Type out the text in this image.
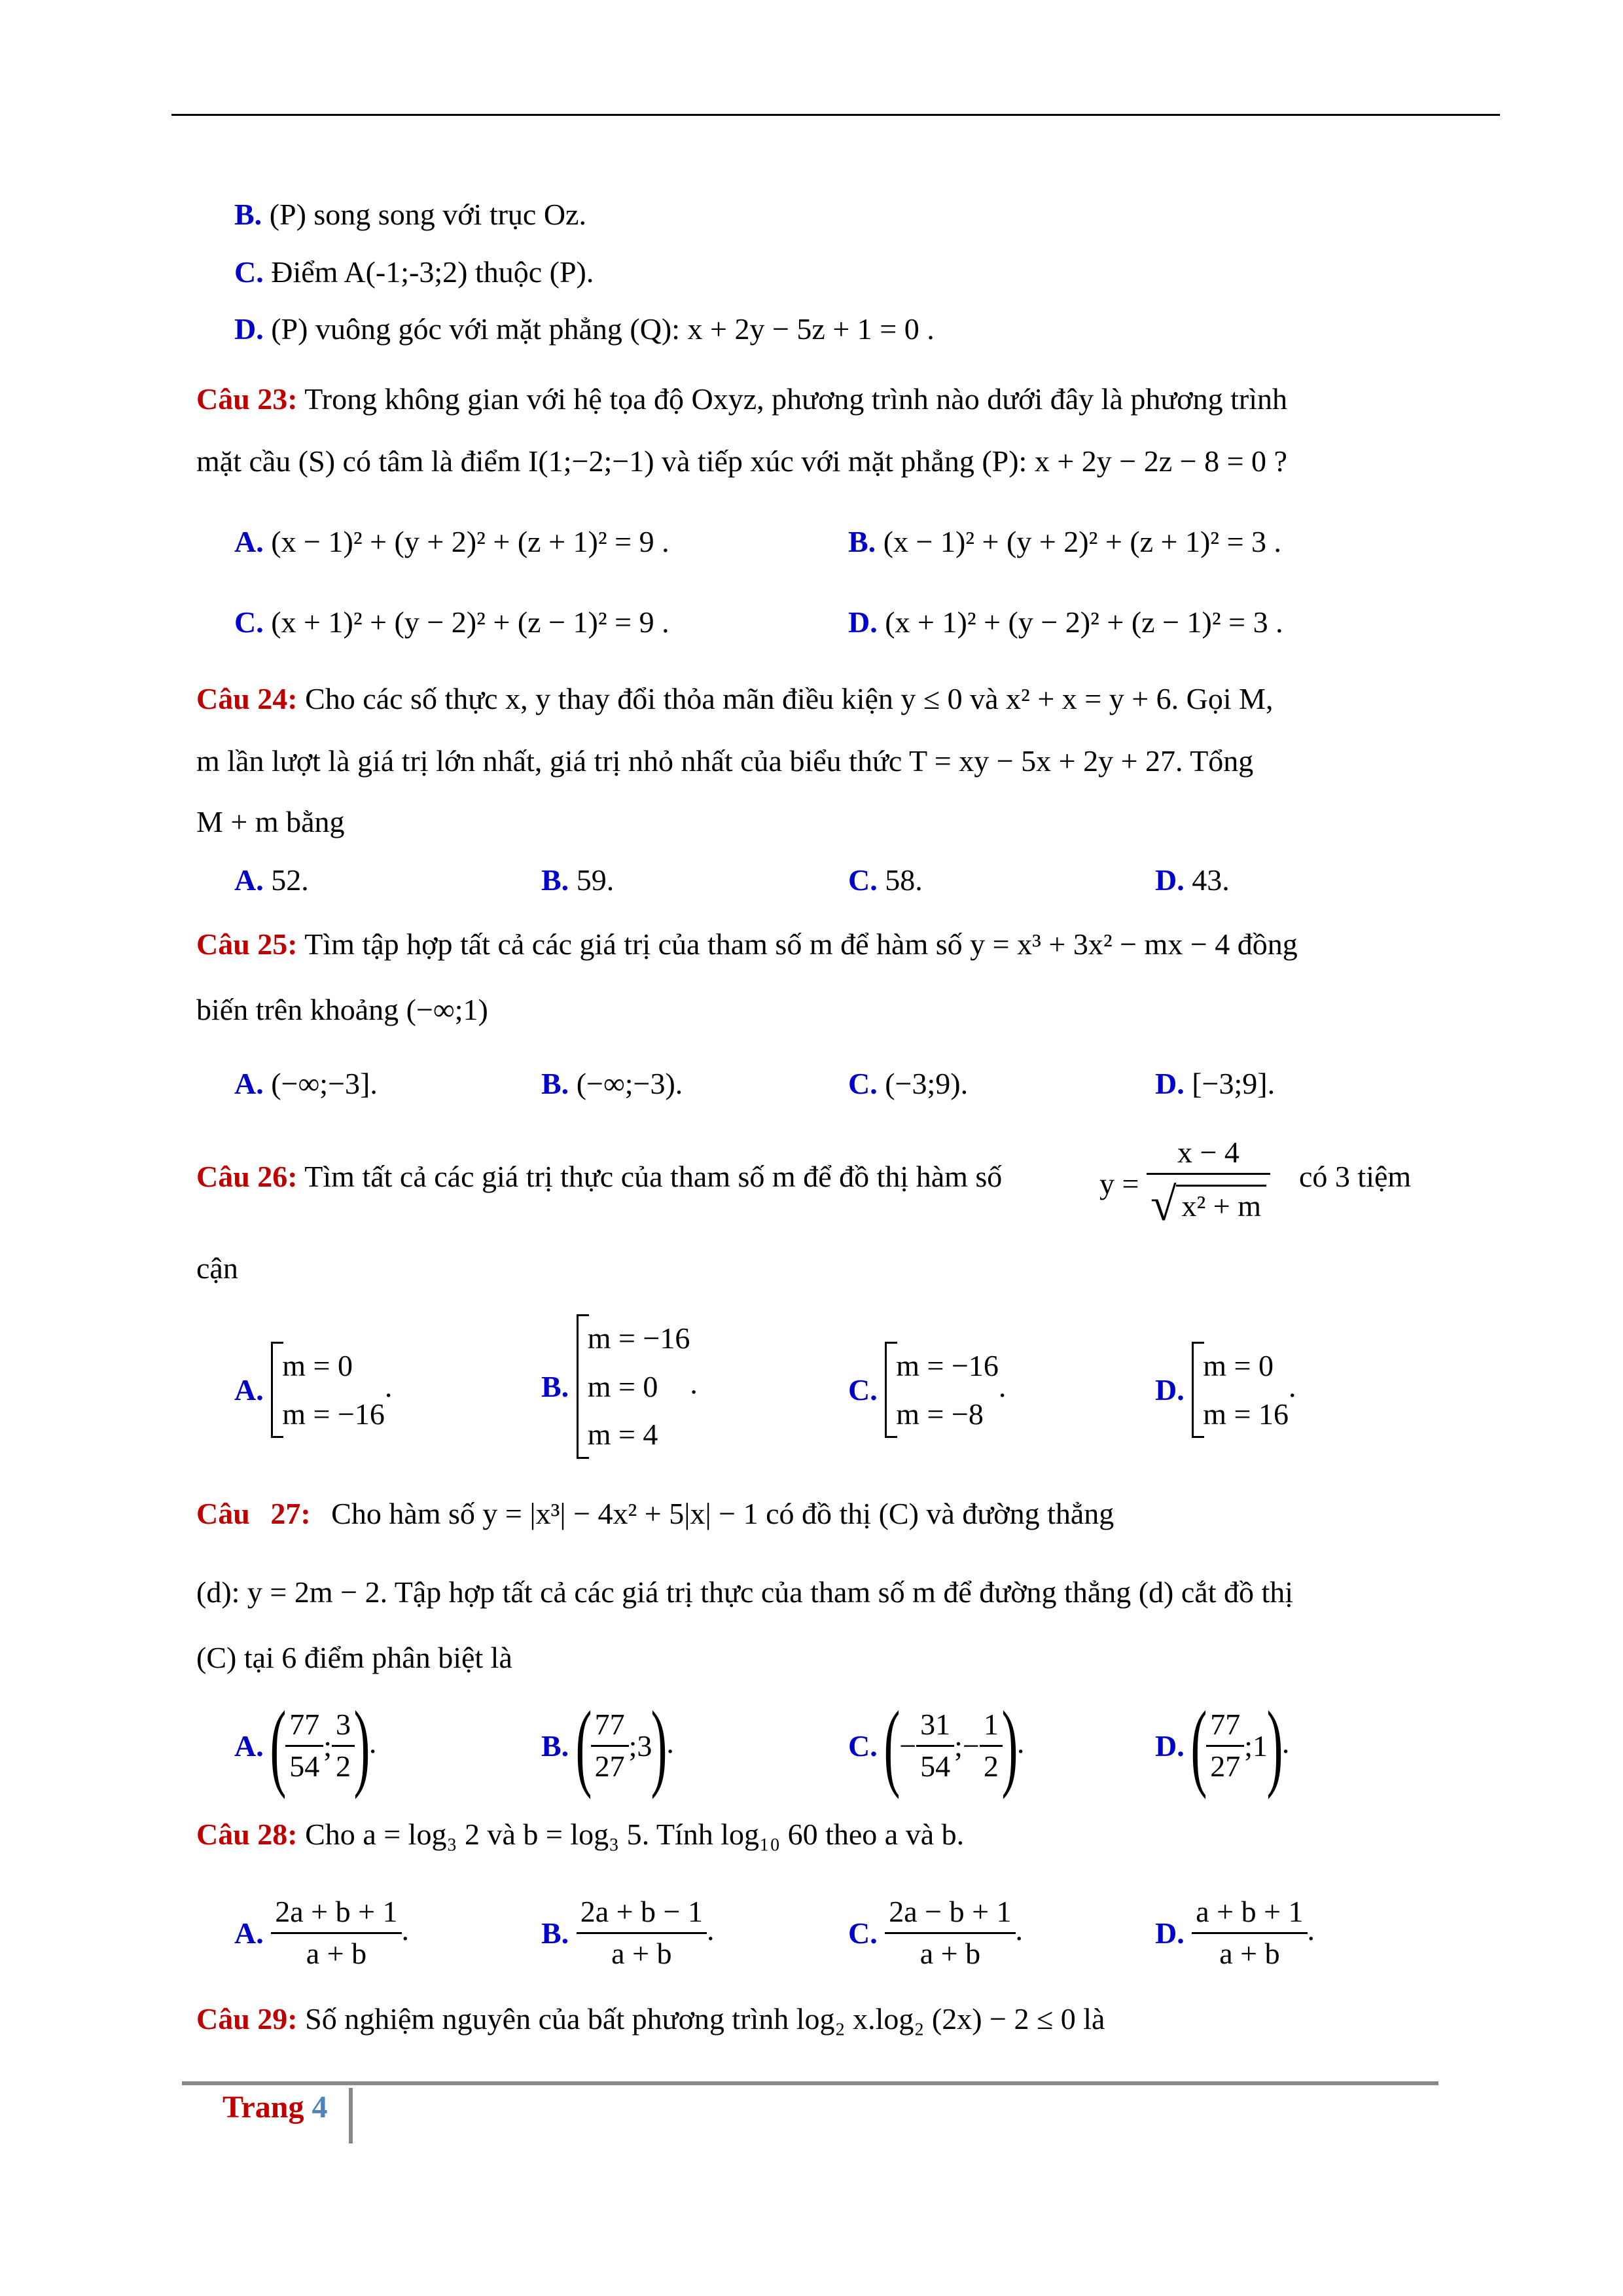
B. (P) song song với trục Oz.
C. Điểm A(-1;-3;2) thuộc (P).
D. (P) vuông góc với mặt phẳng (Q): x + 2y − 5z + 1 = 0 .
Câu 23: Trong không gian với hệ tọa độ Oxyz, phương trình nào dưới đây là phương trình
mặt cầu (S) có tâm là điểm I(1;−2;−1) và tiếp xúc với mặt phẳng (P): x + 2y − 2z − 8 = 0 ?
A. (x − 1)² + (y + 2)² + (z + 1)² = 9 .	B. (x − 1)² + (y + 2)² + (z + 1)² = 3 .
C. (x + 1)² + (y − 2)² + (z − 1)² = 9 .	D. (x + 1)² + (y − 2)² + (z − 1)² = 3 .
Câu 24: Cho các số thực x, y thay đổi thỏa mãn điều kiện y ≤ 0 và x² + x = y + 6. Gọi M,
m lần lượt là giá trị lớn nhất, giá trị nhỏ nhất của biểu thức T = xy − 5x + 2y + 27. Tổng
M + m bằng
A. 52.	B. 59.	C. 58.	D. 43.
Câu 25: Tìm tập hợp tất cả các giá trị của tham số m để hàm số y = x³ + 3x² − mx − 4 đồng
biến trên khoảng (−∞;1)
A. (−∞;−3].	B. (−∞;−3).	C. (−3;9).	D. [−3;9].
Câu 26: Tìm tất cả các giá trị thực của tham số m để đồ thị hàm số	$y = \frac{x - 4}{\text{√ x² + m}}$ có 3 tiệm
cận
A.
m = 0
m = −16
.	B.
m = −16
m = 0
m = 4
.	C.
m = −16
m = −8
.	D.
m = 0
m = 16
.
Câu 27: Cho hàm số y = |x³| − 4x² + 5|x| − 1 có đồ thị (C) và đường thẳng
(d): y = 2m − 2. Tập hợp tất cả các giá trị thực của tham số m để đường thẳng (d) cắt đồ thị
(C) tại 6 điểm phân biệt là
A. (
$\frac{77}{54}$ ; $\frac{3}{2}$
).	B. (
$\frac{77}{27}$ ;3).	C. (− $\frac{31}{54}$ ;− $\frac{1}{2}$
).	D. (
$\frac{77}{27}$ ;1).
Câu 28: Cho a = log₃ 2 và b = log₃ 5. Tính log₁₀ 60 theo a và b.
A. $\frac{2a + b + 1}{a + b}$ .	B. $\frac{2a + b - 1}{a + b}$ .	C. $\frac{2a - b + 1}{a + b}$ .	D. $\frac{a + b + 1}{a + b}$ .
Câu 29: Số nghiệm nguyên của bất phương trình log₂ x.log₂ (2x) − 2 ≤ 0 là
Trang 4
